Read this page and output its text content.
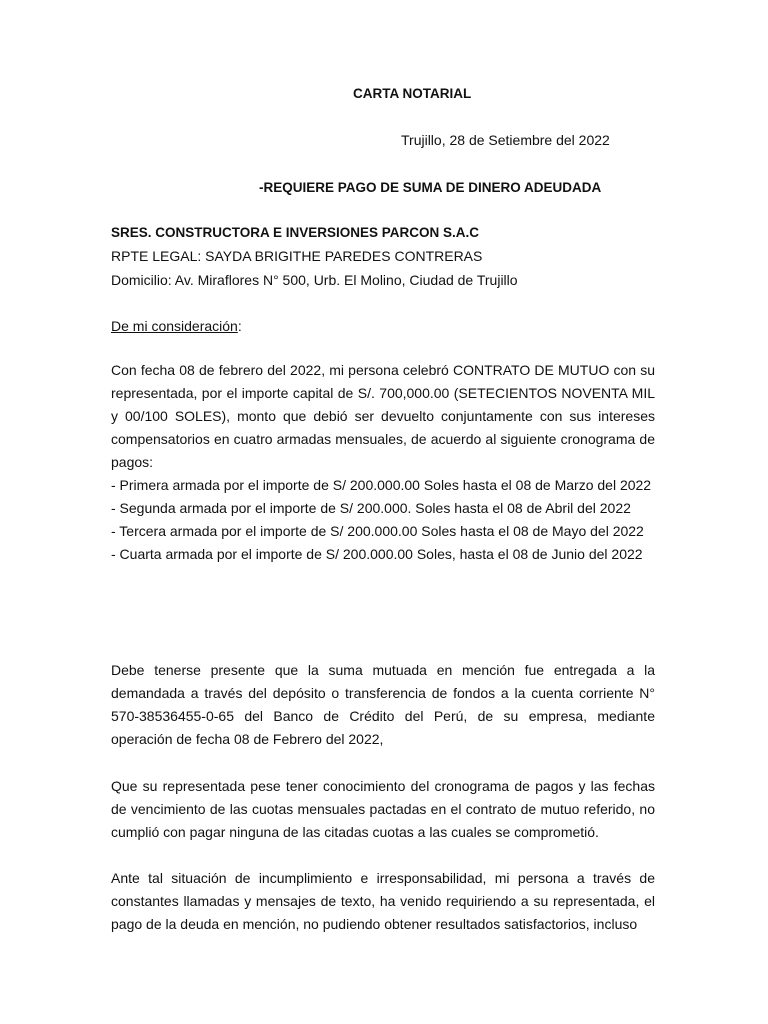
CARTA NOTARIAL
Trujillo, 28 de Setiembre del 2022
-REQUIERE PAGO DE SUMA DE DINERO ADEUDADA
SRES. CONSTRUCTORA E INVERSIONES PARCON S.A.C
RPTE LEGAL: SAYDA BRIGITHE PAREDES CONTRERAS
Domicilio: Av. Miraflores N° 500, Urb. El Molino, Ciudad de Trujillo
De mi consideración:

Con fecha 08 de febrero del 2022, mi persona celebró CONTRATO DE MUTUO con su representada, por el importe capital de S/. 700,000.00 (SETECIENTOS NOVENTA MIL y 00/100 SOLES), monto que debió ser devuelto conjuntamente con sus intereses compensatorios en cuatro armadas mensuales, de acuerdo al siguiente cronograma de pagos:

- Primera armada por el importe de S/ 200.000.00 Soles hasta el 08 de Marzo del 2022

- Segunda armada por el importe de S/ 200.000. Soles hasta el 08 de Abril del 2022

- Tercera armada por el importe de S/ 200.000.00 Soles hasta el 08 de Mayo del 2022

- Cuarta armada por el importe de S/ 200.000.00 Soles, hasta el 08 de Junio del 2022

Debe tenerse presente que la suma mutuada en mención fue entregada a la demandada a través del depósito o transferencia de fondos a la cuenta corriente N° 570-38536455-0-65 del Banco de Crédito del Perú, de su empresa, mediante operación de fecha 08 de Febrero del 2022,

Que su representada pese tener conocimiento del cronograma de pagos y las fechas de vencimiento de las cuotas mensuales pactadas en el contrato de mutuo referido, no cumplió con pagar ninguna de las citadas cuotas a las cuales se comprometió.

Ante tal situación de incumplimiento e irresponsabilidad, mi persona a través de constantes llamadas y mensajes de texto, ha venido requiriendo a su representada, el pago de la deuda en mención, no pudiendo obtener resultados satisfactorios, incluso
